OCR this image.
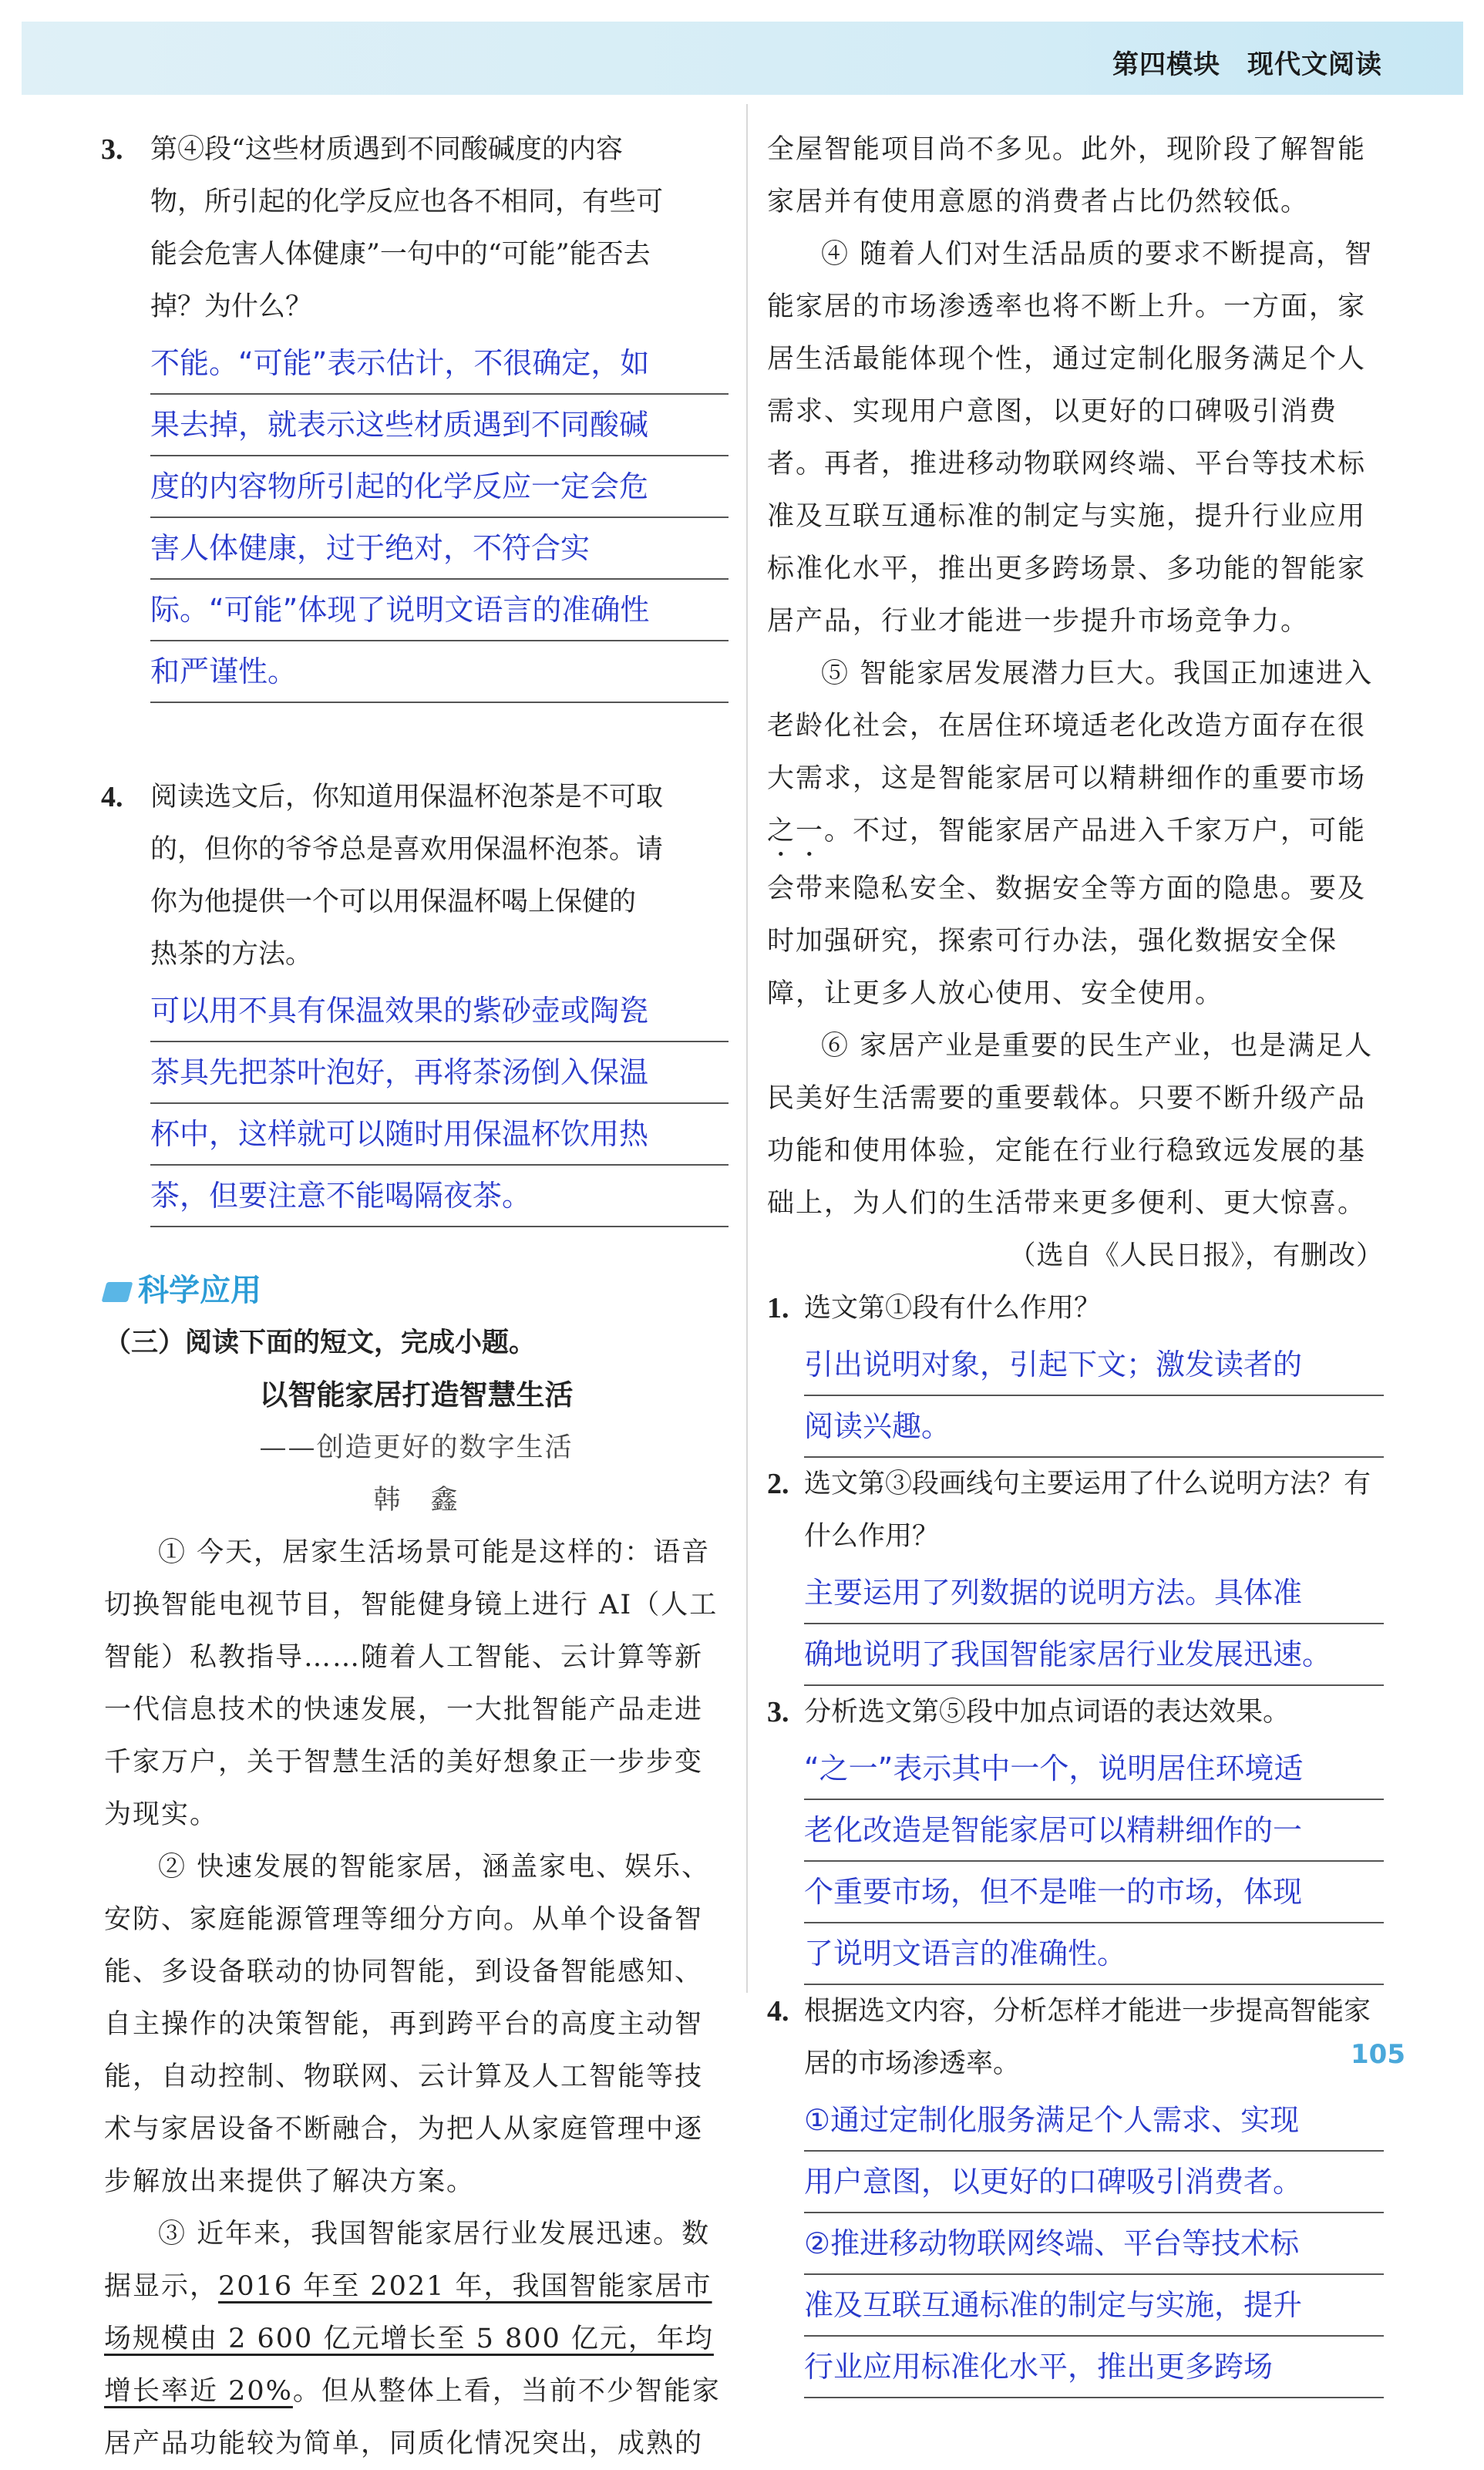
第四模块　现代文阅读
3. 第④段“这些材质遇到不同酸碱度的内容
物，所引起的化学反应也各不相同，有些可
能会危害人体健康”一句中的“可能”能否去
掉？为什么？
不能。“可能”表示估计，不很确定，如
果去掉，就表示这些材质遇到不同酸碱
度的内容物所引起的化学反应一定会危
害人体健康，过于绝对，不符合实
际。“可能”体现了说明文语言的准确性
和严谨性。
4. 阅读选文后，你知道用保温杯泡茶是不可取
的，但你的爷爷总是喜欢用保温杯泡茶。请
你为他提供一个可以用保温杯喝上保健的
热茶的方法。
可以用不具有保温效果的紫砂壶或陶瓷
茶具先把茶叶泡好，再将茶汤倒入保温
杯中，这样就可以随时用保温杯饮用热
茶，但要注意不能喝隔夜茶。
科学应用
（三）阅读下面的短文，完成小题。
以智能家居打造智慧生活
——创造更好的数字生活
韩　鑫
① 今天，居家生活场景可能是这样的：语音切换智能电视节目，智能健身镜上进行 AI（人工智能）私教指导……随着人工智能、云计算等新一代信息技术的快速发展，一大批智能产品走进千家万户，关于智慧生活的美好想象正一步步变为现实。
② 快速发展的智能家居，涵盖家电、娱乐、安防、家庭能源管理等细分方向。从单个设备智能、多设备联动的协同智能，到设备智能感知、自主操作的决策智能，再到跨平台的高度主动智能，自动控制、物联网、云计算及人工智能等技术与家居设备不断融合，为把人从家庭管理中逐步解放出来提供了解决方案。
③ 近年来，我国智能家居行业发展迅速。数据显示，2016 年至 2021 年，我国智能家居市场规模由 2 600 亿元增长至 5 800 亿元，年均增长率近 20%。但从整体上看，当前不少智能家居产品功能较为简单，同质化情况突出，成熟的
全屋智能项目尚不多见。此外，现阶段了解智能家居并有使用意愿的消费者占比仍然较低。
④ 随着人们对生活品质的要求不断提高，智能家居的市场渗透率也将不断上升。一方面，家居生活最能体现个性，通过定制化服务满足个人需求、实现用户意图，以更好的口碑吸引消费者。再者，推进移动物联网终端、平台等技术标准及互联互通标准的制定与实施，提升行业应用标准化水平，推出更多跨场景、多功能的智能家居产品，行业才能进一步提升市场竞争力。
⑤ 智能家居发展潜力巨大。我国正加速进入老龄化社会，在居住环境适老化改造方面存在很大需求，这是智能家居可以精耕细作的重要市场之一。不过，智能家居产品进入千家万户，可能会带来隐私安全、数据安全等方面的隐患。要及时加强研究，探索可行办法，强化数据安全保障，让更多人放心使用、安全使用。
⑥ 家居产业是重要的民生产业，也是满足人民美好生活需要的重要载体。只要不断升级产品功能和使用体验，定能在行业行稳致远发展的基础上，为人们的生活带来更多便利、更大惊喜。
（选自《人民日报》，有删改）
1. 选文第①段有什么作用？
引出说明对象，引起下文；激发读者的
阅读兴趣。
2. 选文第③段画线句主要运用了什么说明方法？有什么作用？
主要运用了列数据的说明方法。具体准
确地说明了我国智能家居行业发展迅速。
3. 分析选文第⑤段中加点词语的表达效果。
“之一”表示其中一个，说明居住环境适
老化改造是智能家居可以精耕细作的一
个重要市场，但不是唯一的市场，体现
了说明文语言的准确性。
4. 根据选文内容，分析怎样才能进一步提高智能家居的市场渗透率。
①通过定制化服务满足个人需求、实现
用户意图，以更好的口碑吸引消费者。
②推进移动物联网终端、平台等技术标
准及互联互通标准的制定与实施，提升
行业应用标准化水平，推出更多跨场
105
